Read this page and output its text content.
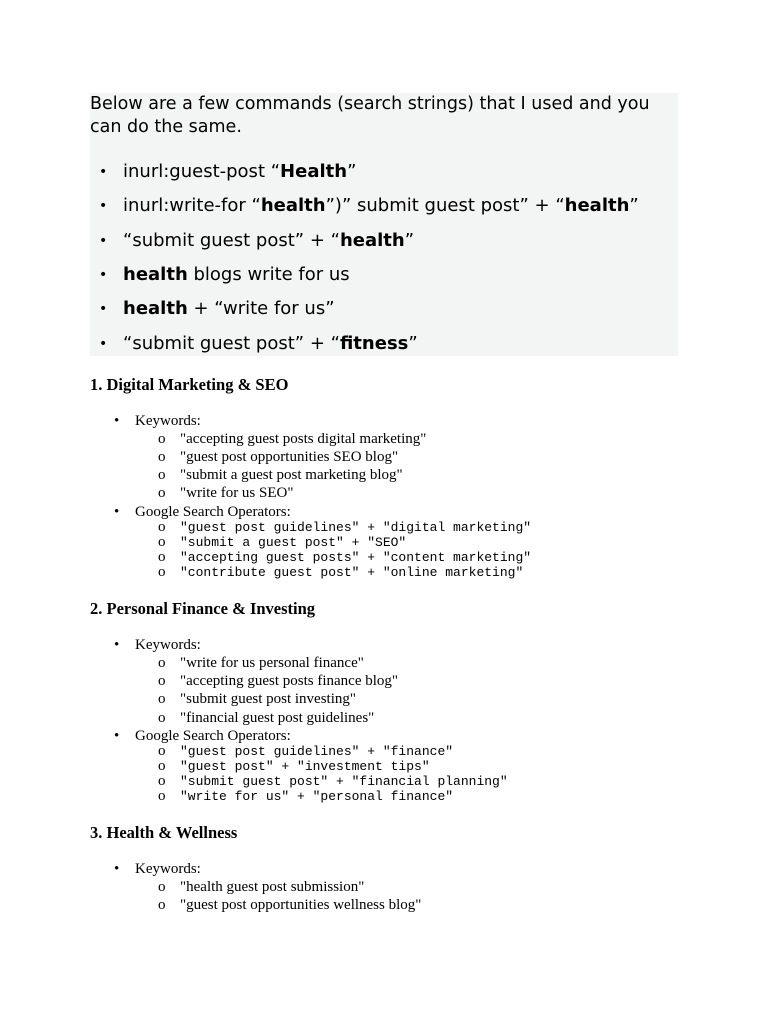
Below are a few commands (search strings) that I used and you can do the same.
• inurl:guest-post “Health”
• inurl:write-for “health”)” submit guest post” + “health”
• “submit guest post” + “health”
• health blogs write for us
• health + “write for us”
• “submit guest post” + “fitness”
1. Digital Marketing & SEO
• Keywords:
o "accepting guest posts digital marketing"
o "guest post opportunities SEO blog"
o "submit a guest post marketing blog"
o "write for us SEO"
• Google Search Operators:
o "guest post guidelines" + "digital marketing"
o "submit a guest post" + "SEO"
o "accepting guest posts" + "content marketing"
o "contribute guest post" + "online marketing"
2. Personal Finance & Investing
• Keywords:
o "write for us personal finance"
o "accepting guest posts finance blog"
o "submit guest post investing"
o "financial guest post guidelines"
• Google Search Operators:
o "guest post guidelines" + "finance"
o "guest post" + "investment tips"
o "submit guest post" + "financial planning"
o "write for us" + "personal finance"
3. Health & Wellness
• Keywords:
o "health guest post submission"
o "guest post opportunities wellness blog"
